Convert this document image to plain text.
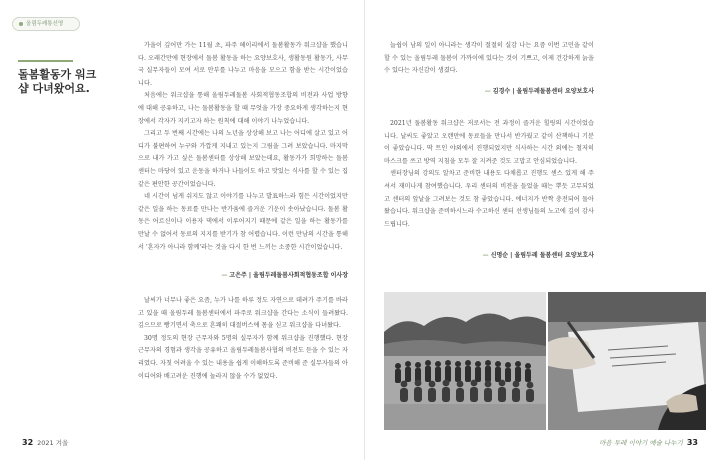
올림두레통신영
돌봄활동가 워크샵 다녀왔어요.

가을이 깊어만 가는 11월 초, 파주 헤이리에서 돌봄활동가 워크샵을 했습니다. 오래간만에 현장에서 돌봄 활동을 하는 요양보호사, 생활동원 활동가, 사무국 실무자들이 모여 서로 안부를 나누고 마음을 모으고 함을 받는 시간이었습니다.

처음에는 워크샵을 통해 올림두레돌봄 사회적협동조합의 비전과 사업 방향에 대해 공유하고, 나는 돌봄활동을 할 때 무엇을 가장 중요하게 생각하는지 현장에서 각자가 지키고자 하는 원칙에 대해 이야기 나누었습니다.

그리고 두 번째 시간에는 나의 노년을 상상해 보고 나는 어디에 살고 있고 어디가 불편하여 누구와 가깝게 지내고 있는지 그림을 그려 보았습니다. 마지막으로 내가 가고 싶은 돌봄센터를 상상해 보았는데요, 활동가가 희망하는 돌봄센터는 마당이 있고 운동을 하거나 나들이도 하고 맛있는 식사를 할 수 있는 집 같은 편안한 공간이었습니다.

네 시간이 넘게 쉬지도 않고 이야기를 나누고 발표하느라 힘든 시간이었지만 같은 일을 하는 동료를 만나는 반가움에 즐거운 기운이 솟아났습니다. 돌봄 활동은 어르신이나 이용자 댁에서 이루어지기 때문에 같은 일을 하는 활동가를 만날 수 없어서 동료의 지지를 받기가 참 어렵습니다. 이런 만남의 시간을 통해서 '혼자가 아니라 함께'라는 것을 다시 한 번 느끼는 소중한 시간이었습니다.

— 고은주 | 올림두레돌봄사회적협동조합 이사장

날씨가 너무나 좋은 요즘, 누가 나를 하루 정도 자연으로 데려가 주기를 바라고 있을 때 올림두레 돌봄센터에서 파주로 워크샵을 간다는 소식이 들려왔다. 깊으므로 빵기면서 축으로 흔쾌히 대절버스에 몸을 싣고 워크샵을 다녀왔다.

30명 정도의 현장 근무자와 5명의 실무자가 함께 워크샵을 진행했다. 현장 근무자의 경험과 생각을 공유하고 올림두레돌봄사협의 비전도 듣을 수 있는 자리였다. 자칫 어려울 수 있는 내용을 쉽게 이해하도록 준비해 준 실무자들의 아이디어와 배고려운 진행에 놀라지 않을 수가 없었다.

32 2021 겨울

늘쉽이 남의 일이 아니라는 생각이 절절히 실감 나는 요즘 이번 고민을 같이할 수 있는 올림두레 돌봄이 가까이에 있다는 것이 기쁘고, 이제 건강하게 늙을 수 있다는 자신감이 생겼다.

— 김경수 | 올림두레돌봄센터 요양보호사

2021년 돌봄활동 워크샵은 저로서는 전 과정이 즐거운 힐링의 시간이었습니다. 날씨도 좋았고 오랜만에 동료들을 만나서 반가웠고 같이 산책하니 기분이 좋았습니다. 딱 트인 야외에서 진행되었지만 식사하는 시간 외에는 철저히 마스크를 쓰고 방역 지침을 모두 잘 지켜준 것도 고맙고 안심되었습니다.

센터장님의 강의도 알차고 준비한 내용도 다채롭고 진행도 센스 있게 해 주셔서 재미나게 참여했습니다. 우리 센터의 비전을 들었을 때는 뿌듯 고무되었고 센터의 앞날을 그려보는 것도 참 좋았습니다. 에너지가 반짝 충전되어 돌아왔습니다. 워크샵을 준비하시느라 수고하신 센터 선생님들의 노고에 깊이 감사드립니다.

— 신명순 | 올림두레 돌봄센터 요양보호사
마음 두레 이야기 예술 나누기 33
